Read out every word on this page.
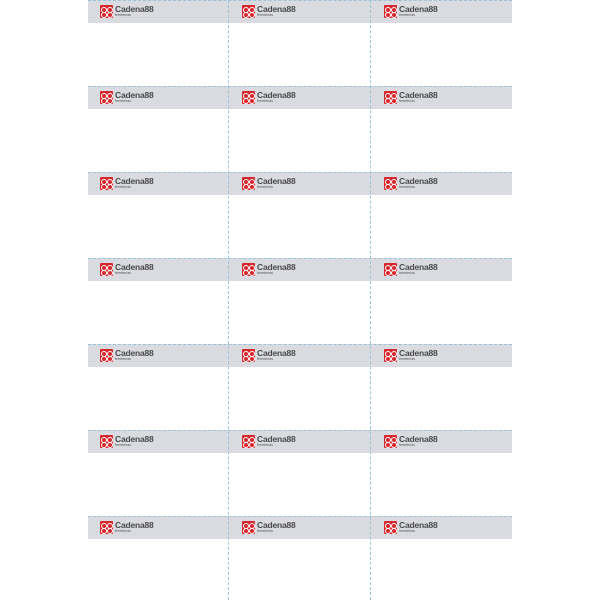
Cadena88
ferreterías
Cadena88
ferreterías
Cadena88
ferreterías
Cadena88
ferreterías
Cadena88
ferreterías
Cadena88
ferreterías
Cadena88
ferreterías
Cadena88
ferreterías
Cadena88
ferreterías
Cadena88
ferreterías
Cadena88
ferreterías
Cadena88
ferreterías
Cadena88
ferreterías
Cadena88
ferreterías
Cadena88
ferreterías
Cadena88
ferreterías
Cadena88
ferreterías
Cadena88
ferreterías
Cadena88
ferreterías
Cadena88
ferreterías
Cadena88
ferreterías
